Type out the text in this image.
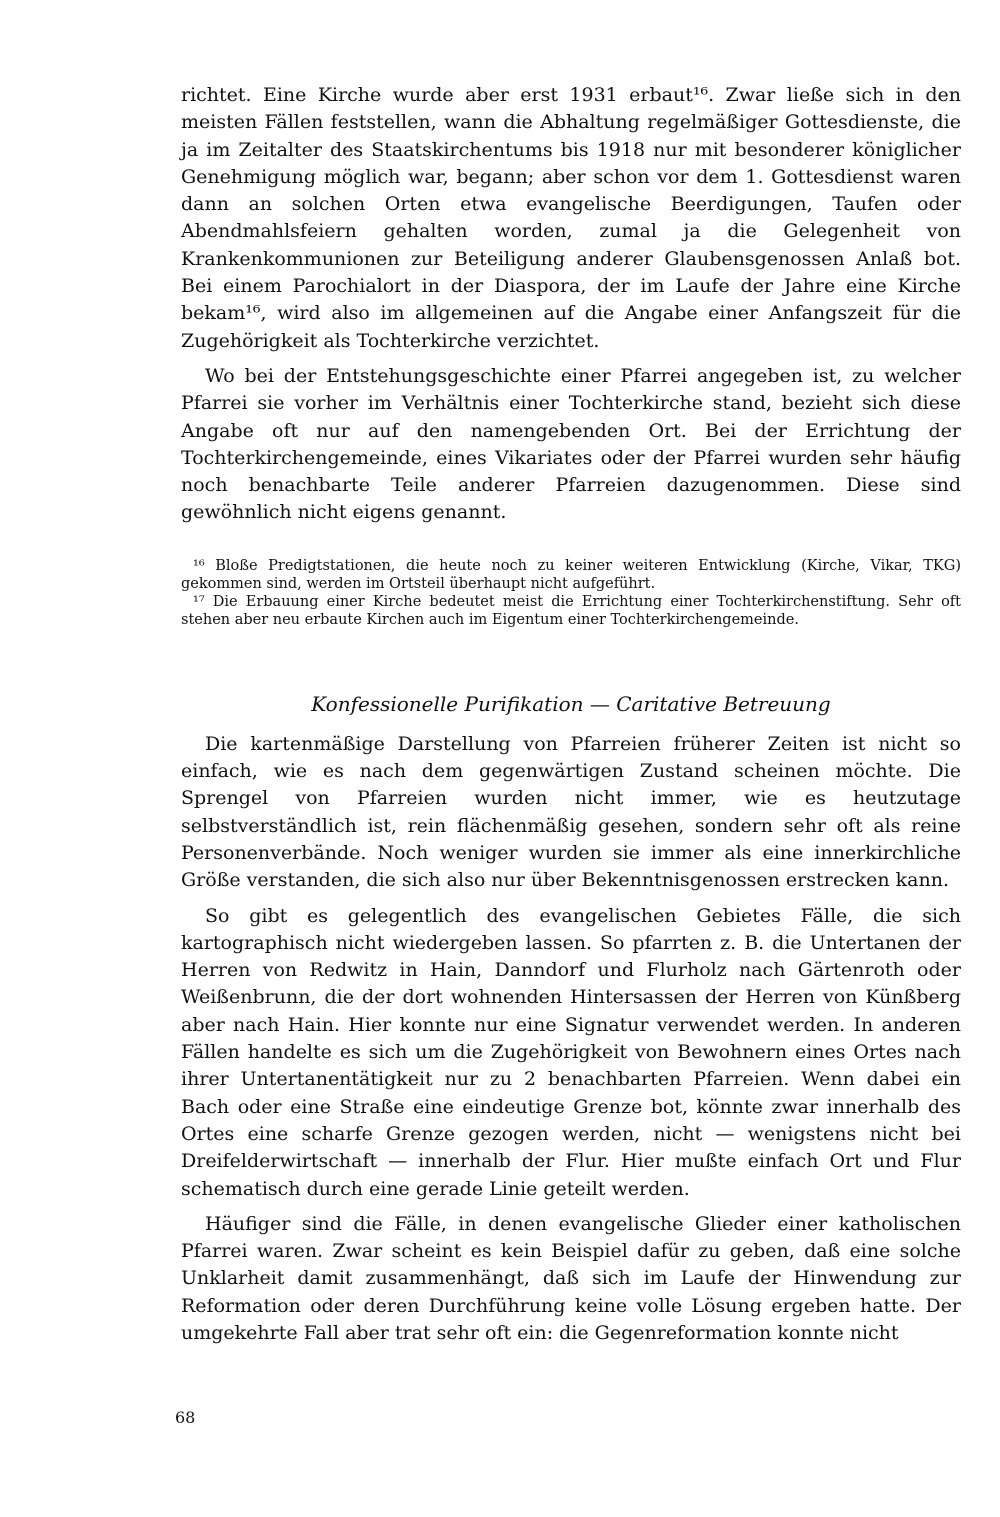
richtet. Eine Kirche wurde aber erst 1931 erbaut¹⁶. Zwar ließe sich in den meisten Fällen feststellen, wann die Abhaltung regelmäßiger Gottesdienste, die ja im Zeitalter des Staatskirchentums bis 1918 nur mit besonderer königlicher Genehmigung möglich war, begann; aber schon vor dem 1. Gottesdienst waren dann an solchen Orten etwa evangelische Beerdigungen, Taufen oder Abendmahlsfeiern gehalten worden, zumal ja die Gelegenheit von Krankenkommunionen zur Beteiligung anderer Glaubensgenossen Anlaß bot. Bei einem Parochialort in der Diaspora, der im Laufe der Jahre eine Kirche bekam¹⁶, wird also im allgemeinen auf die Angabe einer Anfangszeit für die Zugehörigkeit als Tochterkirche verzichtet.

Wo bei der Entstehungsgeschichte einer Pfarrei angegeben ist, zu welcher Pfarrei sie vorher im Verhältnis einer Tochterkirche stand, bezieht sich diese Angabe oft nur auf den namengebenden Ort. Bei der Errichtung der Tochterkirchengemeinde, eines Vikariates oder der Pfarrei wurden sehr häufig noch benachbarte Teile anderer Pfarreien dazugenommen. Diese sind gewöhnlich nicht eigens genannt.

¹⁶ Bloße Predigtstationen, die heute noch zu keiner weiteren Entwicklung (Kirche, Vikar, TKG) gekommen sind, werden im Ortsteil überhaupt nicht aufgeführt.

¹⁷ Die Erbauung einer Kirche bedeutet meist die Errichtung einer Tochterkirchenstiftung. Sehr oft stehen aber neu erbaute Kirchen auch im Eigentum einer Tochterkirchengemeinde.

Konfessionelle Purifikation — Caritative Betreuung

Die kartenmäßige Darstellung von Pfarreien früherer Zeiten ist nicht so einfach, wie es nach dem gegenwärtigen Zustand scheinen möchte. Die Sprengel von Pfarreien wurden nicht immer, wie es heutzutage selbstverständlich ist, rein flächenmäßig gesehen, sondern sehr oft als reine Personenverbände. Noch weniger wurden sie immer als eine innerkirchliche Größe verstanden, die sich also nur über Bekenntnisgenossen erstrecken kann.

So gibt es gelegentlich des evangelischen Gebietes Fälle, die sich kartographisch nicht wiedergeben lassen. So pfarrten z. B. die Untertanen der Herren von Redwitz in Hain, Danndorf und Flurholz nach Gärtenroth oder Weißenbrunn, die der dort wohnenden Hintersassen der Herren von Künßberg aber nach Hain. Hier konnte nur eine Signatur verwendet werden. In anderen Fällen handelte es sich um die Zugehörigkeit von Bewohnern eines Ortes nach ihrer Untertanentätigkeit nur zu 2 benachbarten Pfarreien. Wenn dabei ein Bach oder eine Straße eine eindeutige Grenze bot, könnte zwar innerhalb des Ortes eine scharfe Grenze gezogen werden, nicht — wenigstens nicht bei Dreifelderwirtschaft — innerhalb der Flur. Hier mußte einfach Ort und Flur schematisch durch eine gerade Linie geteilt werden.

Häufiger sind die Fälle, in denen evangelische Glieder einer katholischen Pfarrei waren. Zwar scheint es kein Beispiel dafür zu geben, daß eine solche Unklarheit damit zusammenhängt, daß sich im Laufe der Hinwendung zur Reformation oder deren Durchführung keine volle Lösung ergeben hatte. Der umgekehrte Fall aber trat sehr oft ein: die Gegenreformation konnte nicht

68
